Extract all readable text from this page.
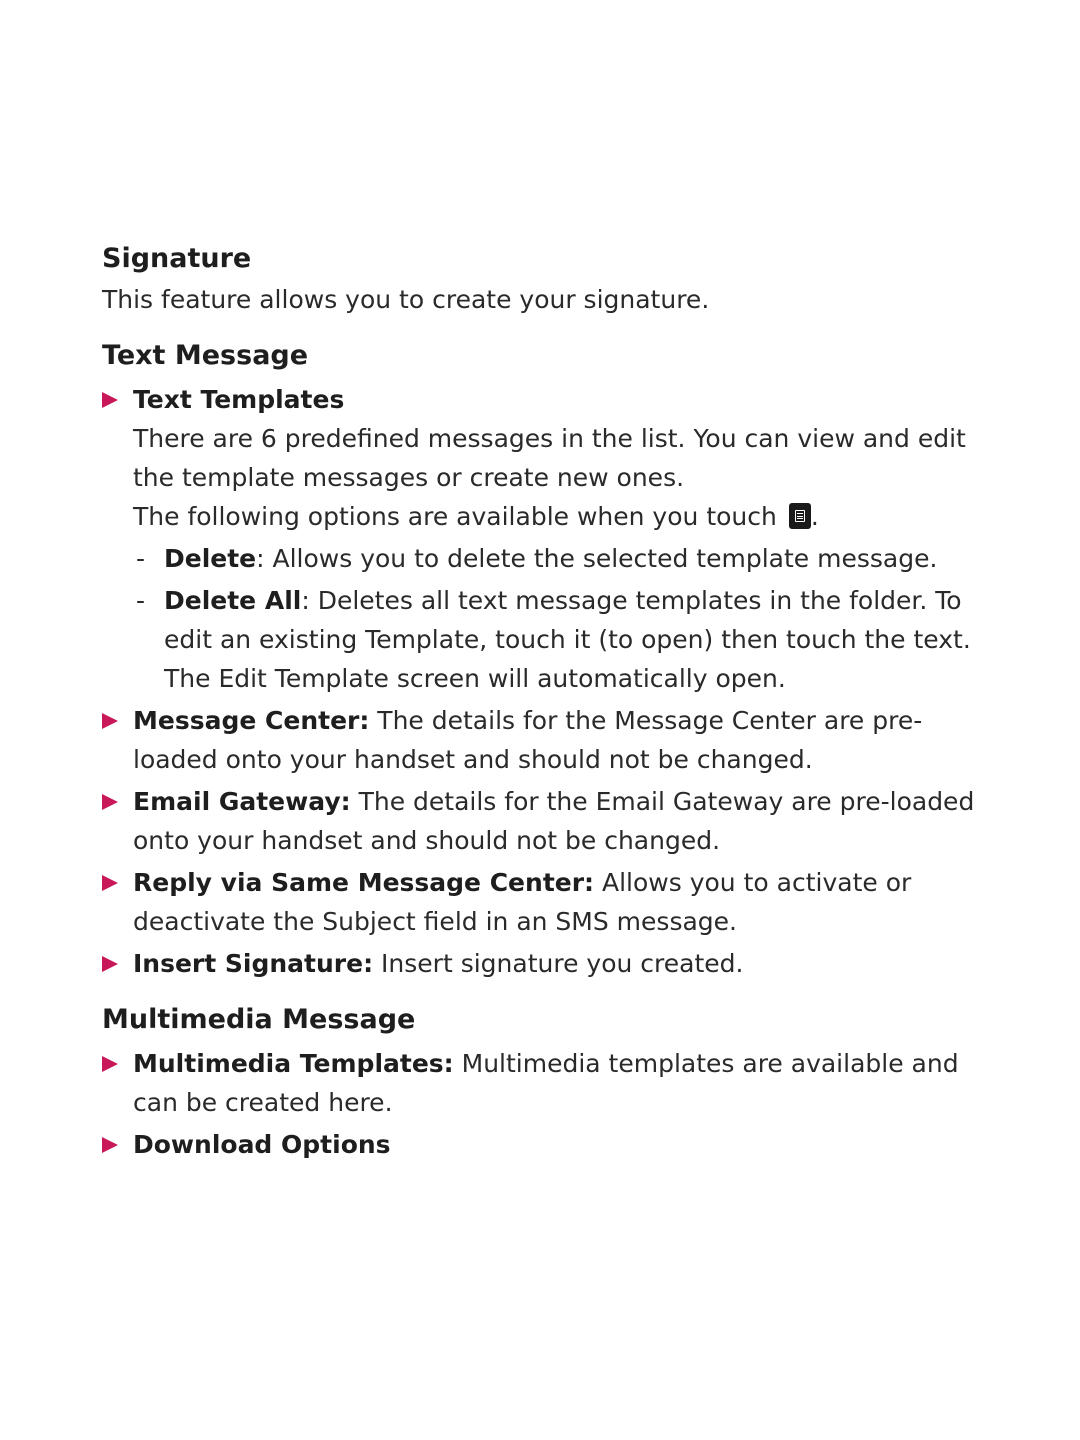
Signature
This feature allows you to create your signature.
Text Message
Text Templates
There are 6 predefined messages in the list. You can view and edit the template messages or create new ones.
The following options are available when you touch .
- Delete: Allows you to delete the selected template message.
- Delete All: Deletes all text message templates in the folder. To edit an existing Template, touch it (to open) then touch the text. The Edit Template screen will automatically open.
Message Center: The details for the Message Center are pre-loaded onto your handset and should not be changed.
Email Gateway: The details for the Email Gateway are pre-loaded onto your handset and should not be changed.
Reply via Same Message Center: Allows you to activate or deactivate the Subject field in an SMS message.
Insert Signature: Insert signature you created.
Multimedia Message
Multimedia Templates: Multimedia templates are available and can be created here.
Download Options
